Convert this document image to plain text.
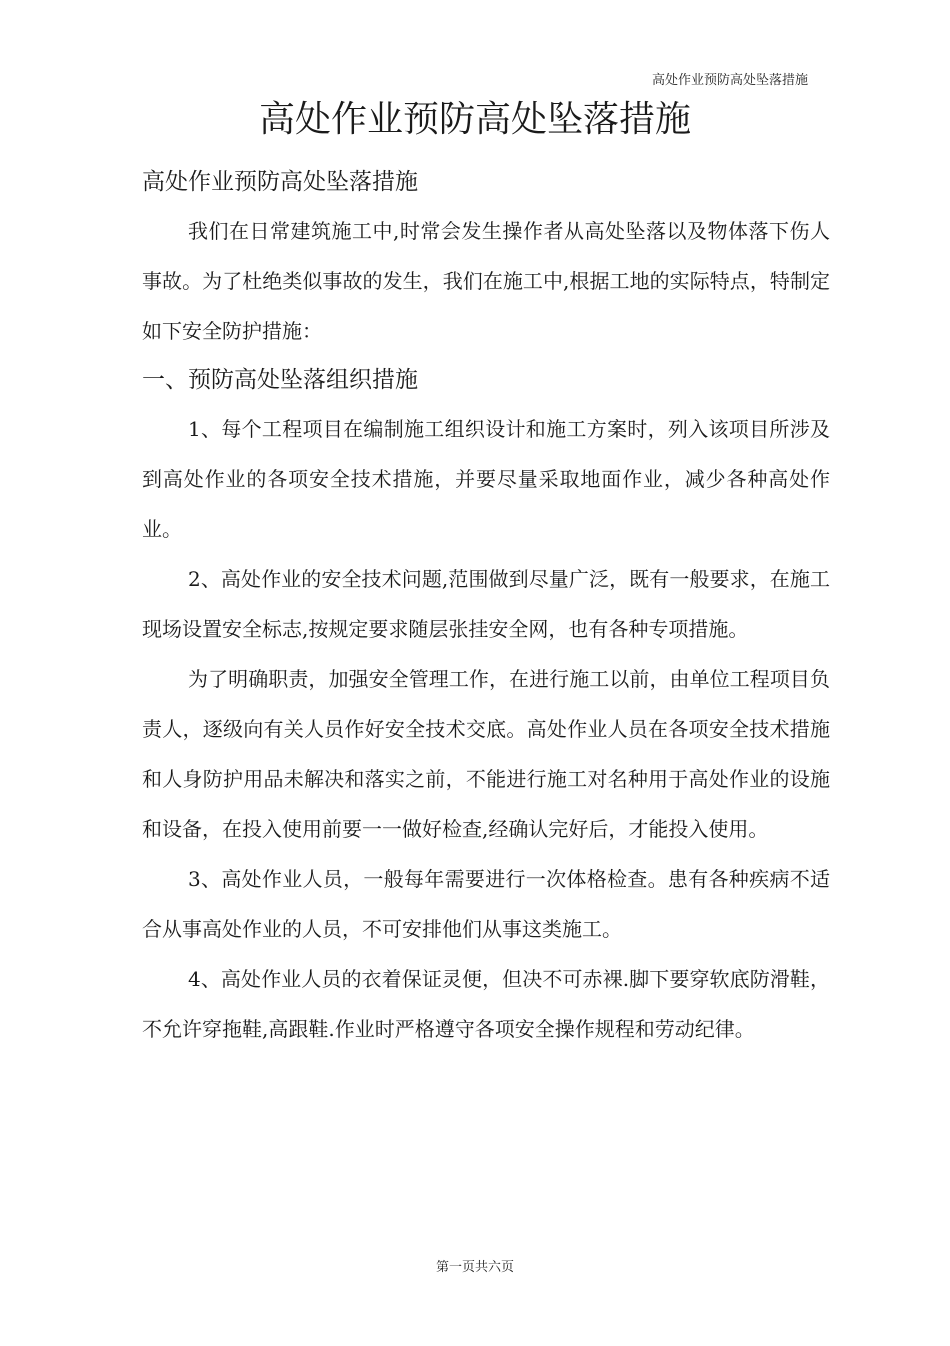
高处作业预防高处坠落措施
高处作业预防高处坠落措施

高处作业预防高处坠落措施

我们在日常建筑施工中,时常会发生操作者从高处坠落以及物体落下伤人事故。为了杜绝类似事故的发生，我们在施工中,根据工地的实际特点，特制定如下安全防护措施：

一、预防高处坠落组织措施

1、每个工程项目在编制施工组织设计和施工方案时，列入该项目所涉及到高处作业的各项安全技术措施，并要尽量采取地面作业，减少各种高处作业。

2、高处作业的安全技术问题,范围做到尽量广泛，既有一般要求，在施工现场设置安全标志,按规定要求随层张挂安全网，也有各种专项措施。

为了明确职责，加强安全管理工作，在进行施工以前，由单位工程项目负责人，逐级向有关人员作好安全技术交底。高处作业人员在各项安全技术措施和人身防护用品未解决和落实之前，不能进行施工对名种用于高处作业的设施和设备，在投入使用前要一一做好检查,经确认完好后，才能投入使用。

3、高处作业人员，一般每年需要进行一次体格检查。患有各种疾病不适合从事高处作业的人员，不可安排他们从事这类施工。

4、高处作业人员的衣着保证灵便，但决不可赤裸.脚下要穿软底防滑鞋，不允许穿拖鞋,高跟鞋.作业时严格遵守各项安全操作规程和劳动纪律。

第一页共六页
